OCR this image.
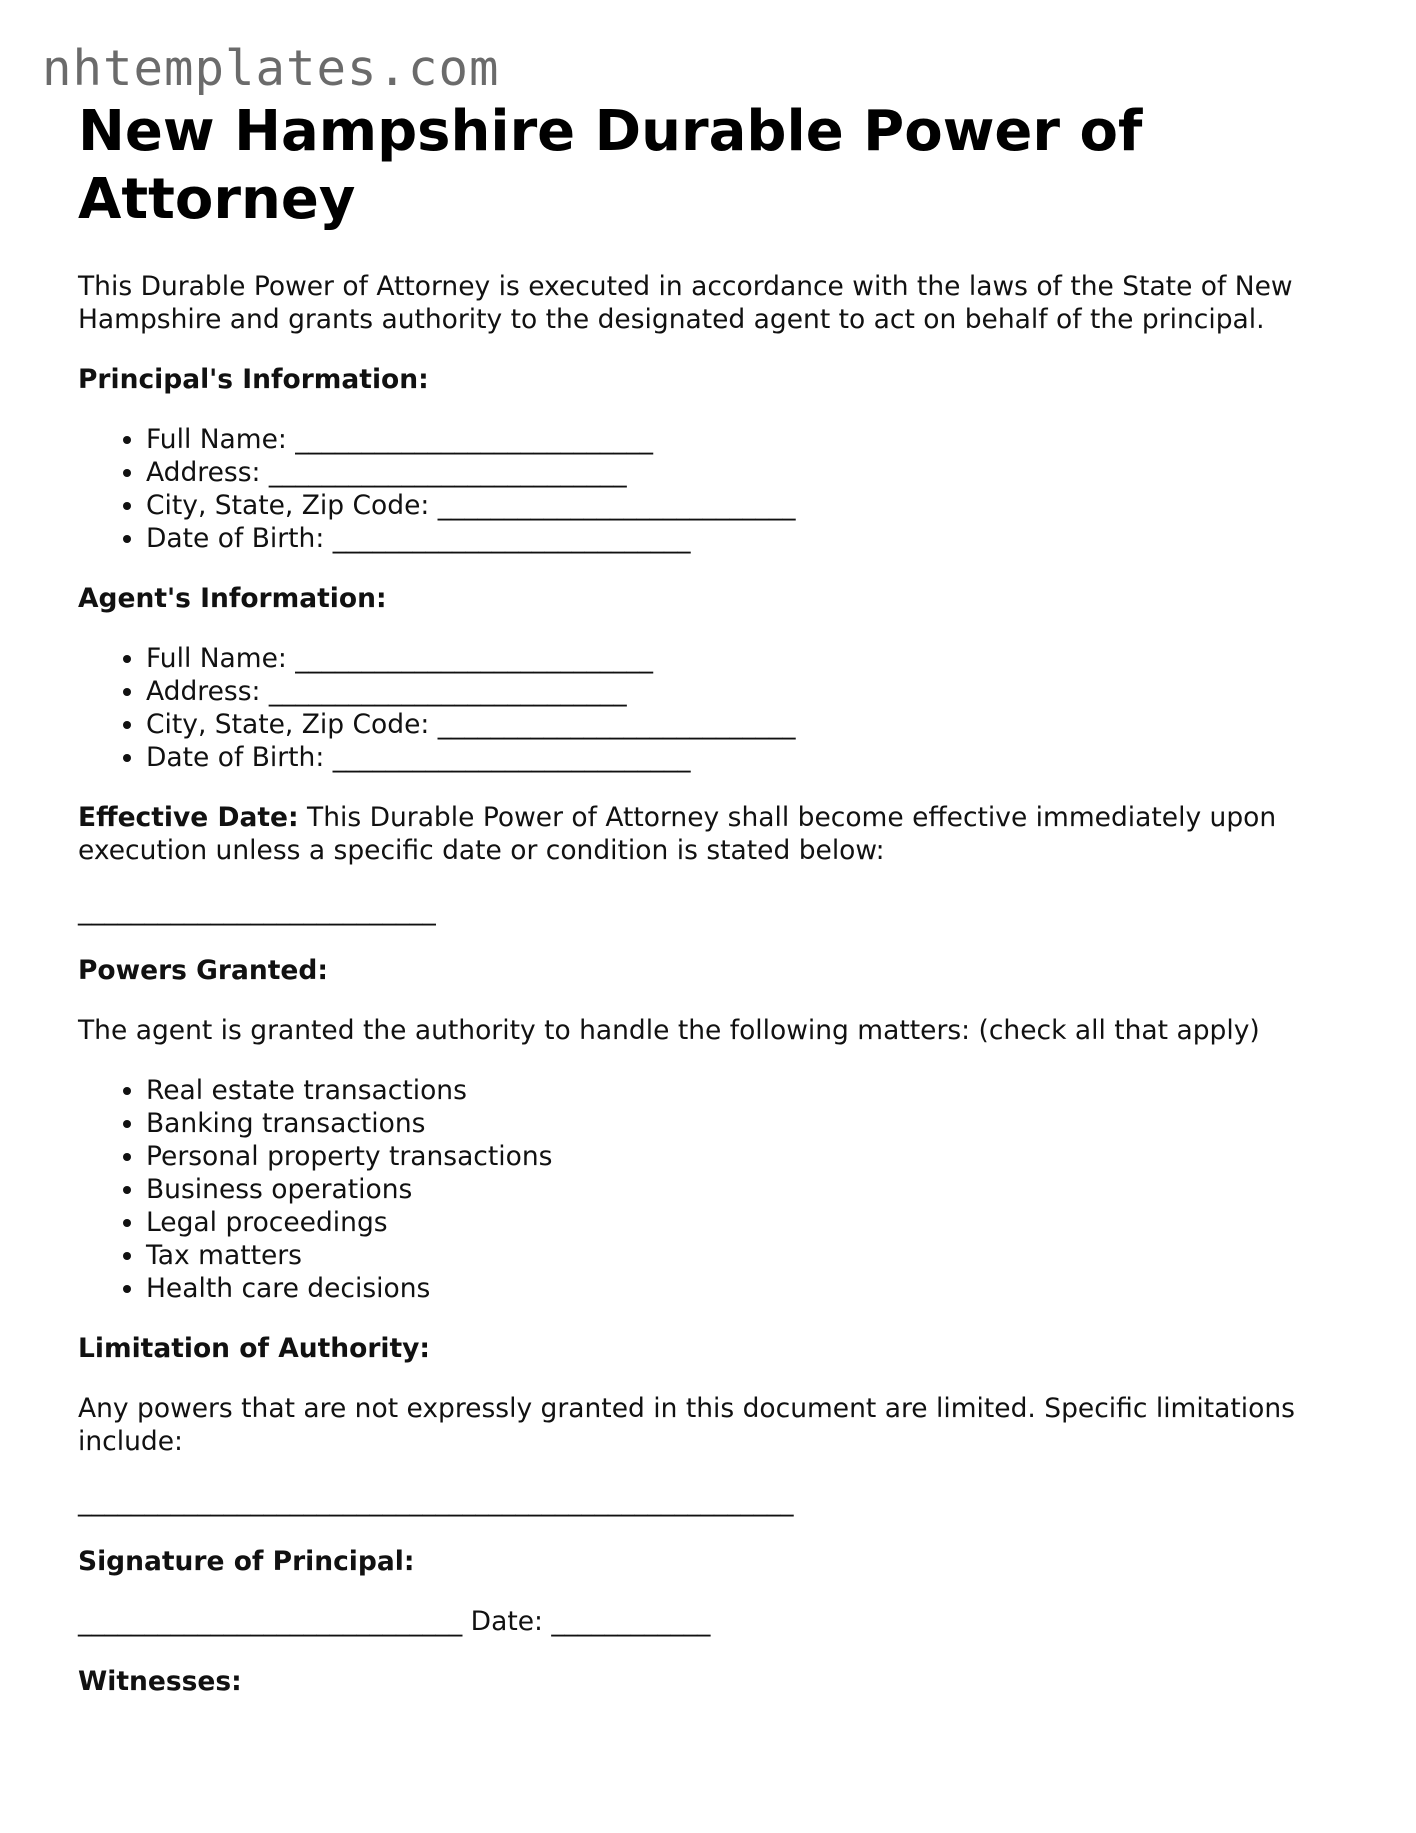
nhtemplates.com
New Hampshire Durable Power of Attorney

This Durable Power of Attorney is executed in accordance with the laws of the State of New Hampshire and grants authority to the designated agent to act on behalf of the principal.

Principal's Information:

• Full Name: ___________________________
• Address: ___________________________
• City, State, Zip Code: ___________________________
• Date of Birth: ___________________________

Agent's Information:

• Full Name: ___________________________
• Address: ___________________________
• City, State, Zip Code: ___________________________
• Date of Birth: ___________________________

Effective Date: This Durable Power of Attorney shall become effective immediately upon execution unless a specific date or condition is stated below:

___________________________

Powers Granted:

The agent is granted the authority to handle the following matters: (check all that apply)

• Real estate transactions
• Banking transactions
• Personal property transactions
• Business operations
• Legal proceedings
• Tax matters
• Health care decisions

Limitation of Authority:

Any powers that are not expressly granted in this document are limited. Specific limitations include:

______________________________________________________

Signature of Principal:

_____________________________ Date: ____________

Witnesses:
